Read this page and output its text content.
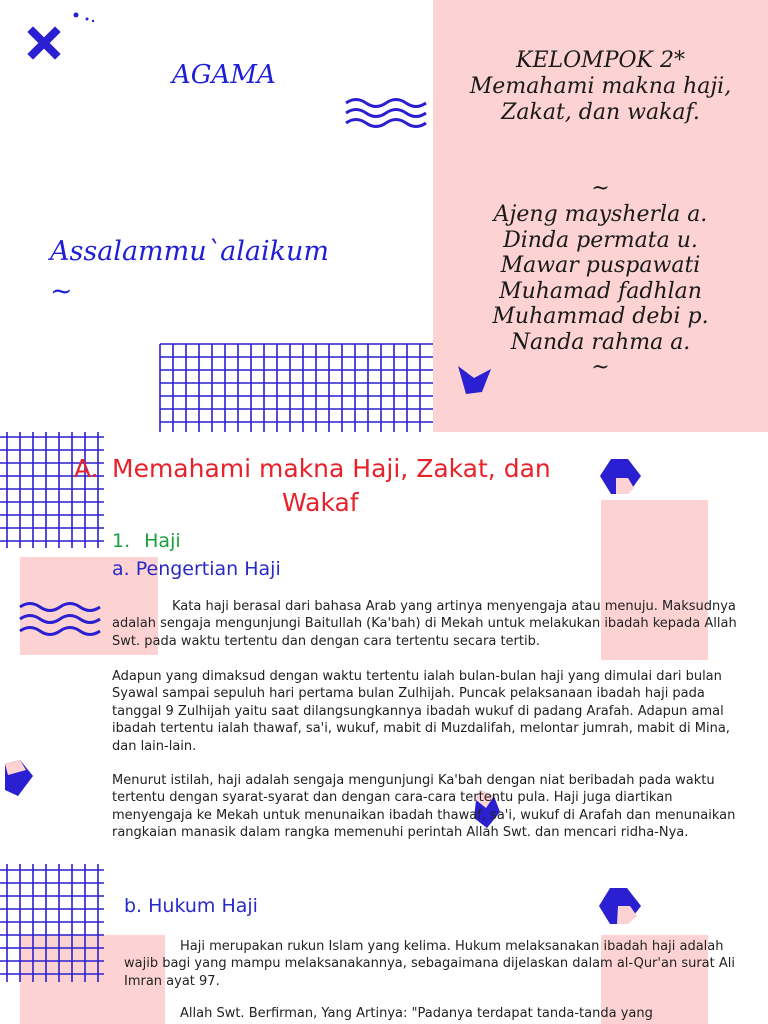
AGAMA
Assalammu`alaikum
~
KELOMPOK 2*
Memahami makna haji,
Zakat, dan wakaf.
~
Ajeng maysherla a.
Dinda permata u.
Mawar puspawati
Muhamad fadhlan
Muhammad debi p.
Nanda rahma a.
~
A. Memahami makna Haji, Zakat, dan
Wakaf
1. Haji
a. Pengertian Haji
Kata haji berasal dari bahasa Arab yang artinya menyengaja atau menuju. Maksudnya adalah sengaja mengunjungi Baitullah (Ka'bah) di Mekah untuk melakukan ibadah kepada Allah Swt. pada waktu tertentu dan dengan cara tertentu secara tertib.
Adapun yang dimaksud dengan waktu tertentu ialah bulan-bulan haji yang dimulai dari bulan Syawal sampai sepuluh hari pertama bulan Zulhijah. Puncak pelaksanaan ibadah haji pada tanggal 9 Zulhijah yaitu saat dilangsungkannya ibadah wukuf di padang Arafah. Adapun amal ibadah tertentu ialah thawaf, sa'i, wukuf, mabit di Muzdalifah, melontar jumrah, mabit di Mina, dan lain-lain.
Menurut istilah, haji adalah sengaja mengunjungi Ka'bah dengan niat beribadah pada waktu tertentu dengan syarat-syarat dan dengan cara-cara tertentu pula. Haji juga diartikan menyengaja ke Mekah untuk menunaikan ibadah thawaf, sa'i, wukuf di Arafah dan menunaikan rangkaian manasik dalam rangka memenuhi perintah Allah Swt. dan mencari ridha-Nya.
b. Hukum Haji
Haji merupakan rukun Islam yang kelima. Hukum melaksanakan ibadah haji adalah wajib bagi yang mampu melaksanakannya, sebagaimana dijelaskan dalam al-Qur'an surat Ali Imran ayat 97.
Allah Swt. Berfirman, Yang Artinya: "Padanya terdapat tanda-tanda yang
